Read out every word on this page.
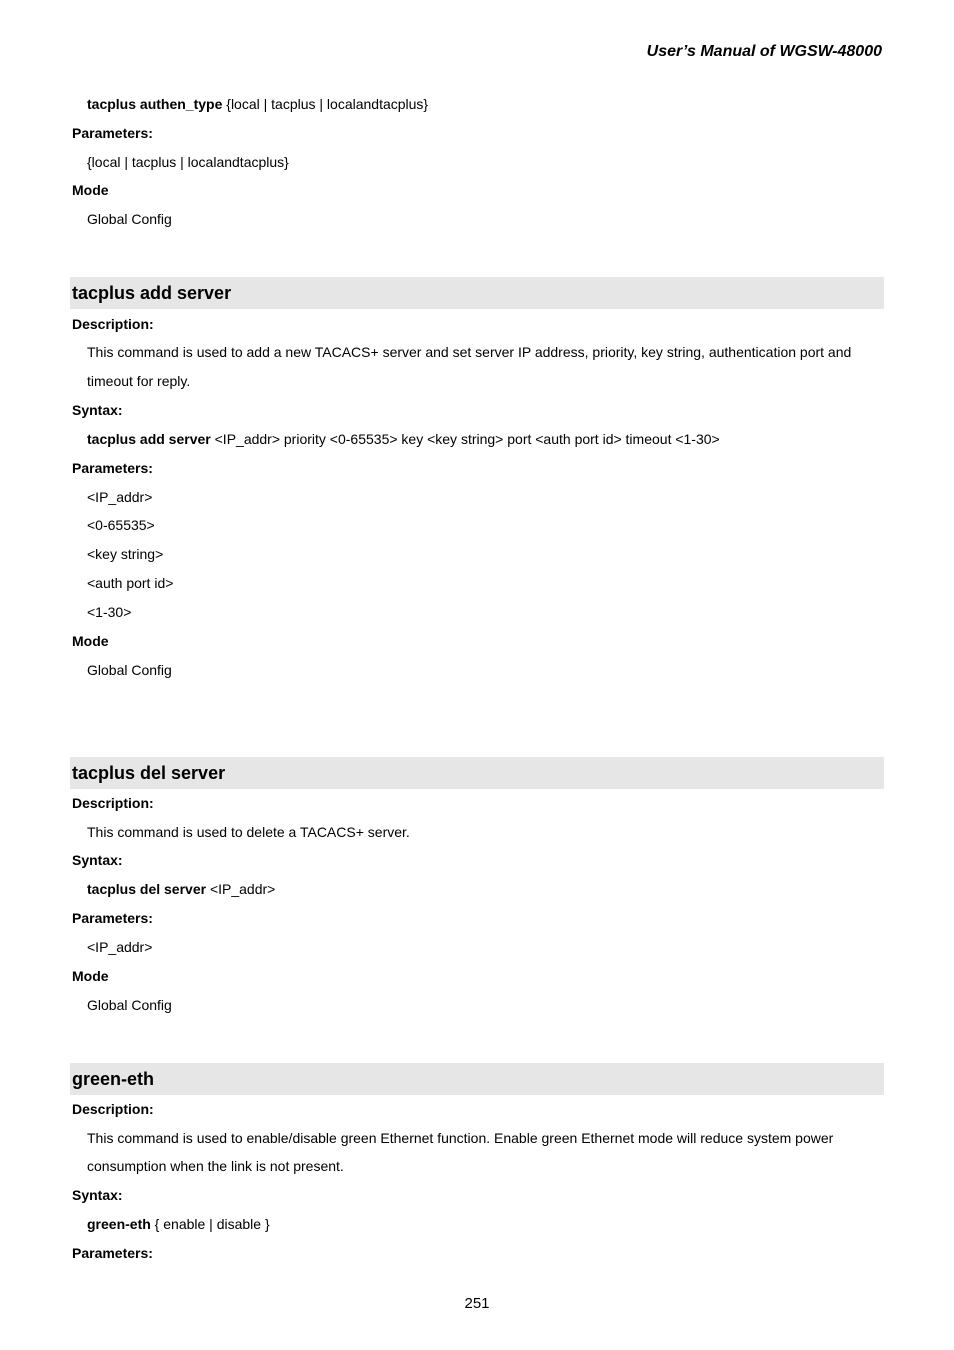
User’s Manual of WGSW-48000
tacplus authen_type {local | tacplus | localandtacplus}
Parameters:
{local | tacplus | localandtacplus}
Mode
Global Config
tacplus add server
Description:
This command is used to add a new TACACS+ server and set server IP address, priority, key string, authentication port and
timeout for reply.
Syntax:
tacplus add server <IP_addr> priority <0-65535> key <key string> port <auth port id> timeout <1-30>
Parameters:
<IP_addr>
<0-65535>
<key string>
<auth port id>
<1-30>
Mode
Global Config
tacplus del server
Description:
This command is used to delete a TACACS+ server.
Syntax:
tacplus del server <IP_addr>
Parameters:
<IP_addr>
Mode
Global Config
green-eth
Description:
This command is used to enable/disable green Ethernet function. Enable green Ethernet mode will reduce system power
consumption when the link is not present.
Syntax:
green-eth { enable | disable }
Parameters:
251
